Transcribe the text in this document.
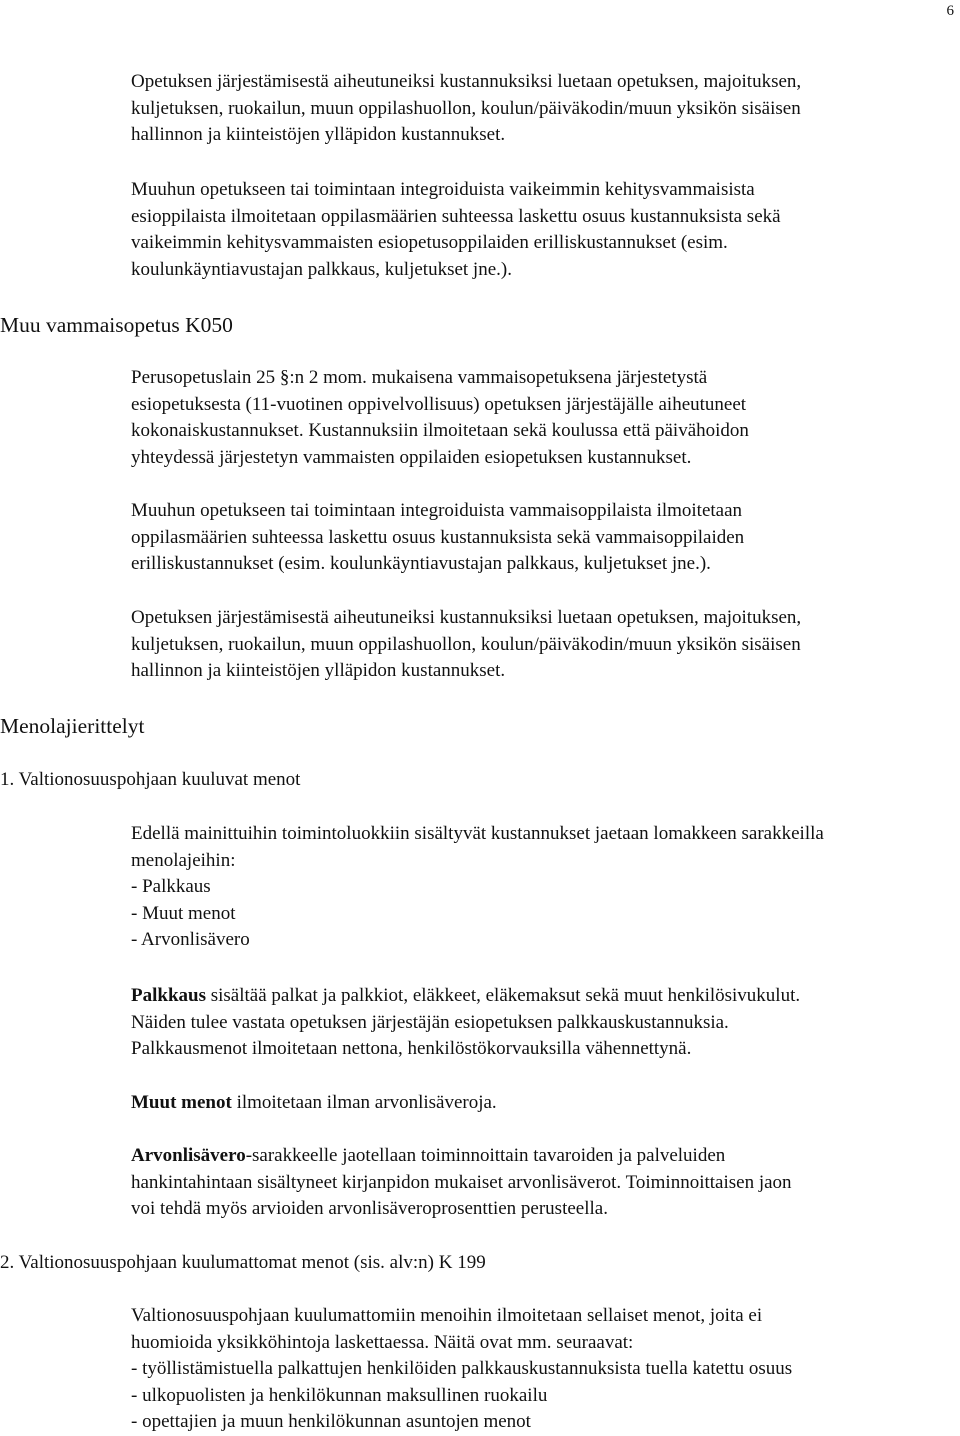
6
Opetuksen järjestämisestä aiheutuneiksi kustannuksiksi luetaan opetuksen, majoituksen,
kuljetuksen, ruokailun, muun oppilashuollon, koulun/päiväkodin/muun yksikön sisäisen
hallinnon ja kiinteistöjen ylläpidon kustannukset.
Muuhun opetukseen tai toimintaan integroiduista vaikeimmin kehitysvammaisista
esioppilaista ilmoitetaan oppilasmäärien suhteessa laskettu osuus kustannuksista sekä
vaikeimmin kehitysvammaisten esiopetusoppilaiden erilliskustannukset (esim.
koulunkäyntiavustajan palkkaus, kuljetukset jne.).
Muu vammaisopetus K050
Perusopetuslain 25 §:n 2 mom. mukaisena vammaisopetuksena järjestetystä
esiopetuksesta (11-vuotinen oppivelvollisuus) opetuksen järjestäjälle aiheutuneet
kokonaiskustannukset. Kustannuksiin ilmoitetaan sekä koulussa että päivähoidon
yhteydessä järjestetyn vammaisten oppilaiden esiopetuksen kustannukset.
Muuhun opetukseen tai toimintaan integroiduista vammaisoppilaista ilmoitetaan
oppilasmäärien suhteessa laskettu osuus kustannuksista sekä vammaisoppilaiden
erilliskustannukset (esim. koulunkäyntiavustajan palkkaus, kuljetukset jne.).
Opetuksen järjestämisestä aiheutuneiksi kustannuksiksi luetaan opetuksen, majoituksen,
kuljetuksen, ruokailun, muun oppilashuollon, koulun/päiväkodin/muun yksikön sisäisen
hallinnon ja kiinteistöjen ylläpidon kustannukset.
Menolajierittelyt
1. Valtionosuuspohjaan kuuluvat menot
Edellä mainittuihin toimintoluokkiin sisältyvät kustannukset jaetaan lomakkeen sarakkeilla
menolajeihin:
- Palkkaus
- Muut menot
- Arvonlisävero
Palkkaus sisältää palkat ja palkkiot, eläkkeet, eläkemaksut sekä muut henkilösivukulut.
Näiden tulee vastata opetuksen järjestäjän esiopetuksen palkkauskustannuksia.
Palkkausmenot ilmoitetaan nettona, henkilöstökorvauksilla vähennettynä.
Muut menot ilmoitetaan ilman arvonlisäveroja.
Arvonlisävero-sarakkeelle jaotellaan toiminnoittain tavaroiden ja palveluiden
hankintahintaan sisältyneet kirjanpidon mukaiset arvonlisäverot. Toiminnoittaisen jaon
voi tehdä myös arvioiden arvonlisäveroprosenttien perusteella.
2. Valtionosuuspohjaan kuulumattomat menot (sis. alv:n) K 199
Valtionosuuspohjaan kuulumattomiin menoihin ilmoitetaan sellaiset menot, joita ei
huomioida yksikköhintoja laskettaessa. Näitä ovat mm. seuraavat:
- työllistämistuella palkattujen henkilöiden palkkauskustannuksista tuella katettu osuus
- ulkopuolisten ja henkilökunnan maksullinen ruokailu
- opettajien ja muun henkilökunnan asuntojen menot
